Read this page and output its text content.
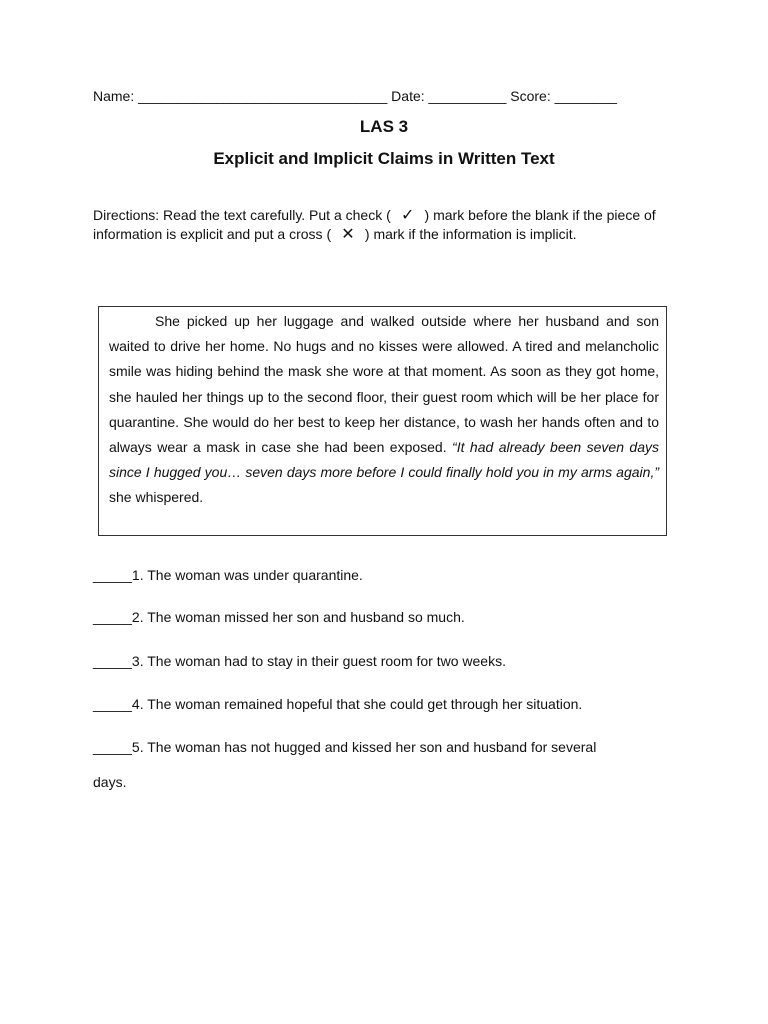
Name: ________________________________ Date: __________ Score: ________
LAS 3
Explicit and Implicit Claims in Written Text
Directions: Read the text carefully. Put a check ( ✓ ) mark before the blank if the piece of information is explicit and put a cross ( ✕ ) mark if the information is implicit.

She picked up her luggage and walked outside where her husband and son waited to drive her home. No hugs and no kisses were allowed. A tired and melancholic smile was hiding behind the mask she wore at that moment. As soon as they got home, she hauled her things up to the second floor, their guest room which will be her place for quarantine. She would do her best to keep her distance, to wash her hands often and to always wear a mask in case she had been exposed. “It had already been seven days since I hugged you… seven days more before I could finally hold you in my arms again,” she whispered.

_____1. The woman was under quarantine.
_____2. The woman missed her son and husband so much.
_____3. The woman had to stay in their guest room for two weeks.
_____4. The woman remained hopeful that she could get through her situation.
_____5. The woman has not hugged and kissed her son and husband for several
days.
